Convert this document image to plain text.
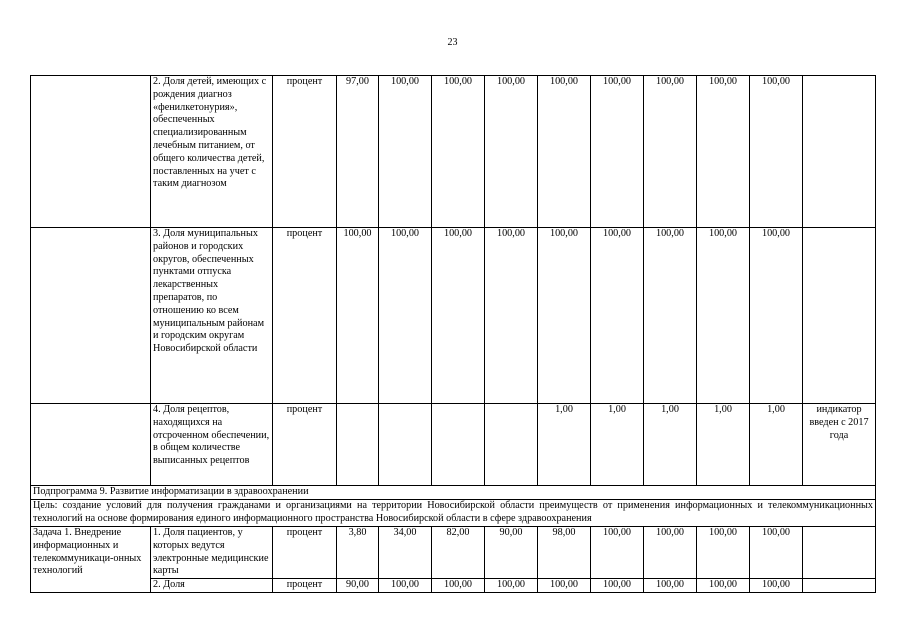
23
	2. Доля детей, имеющих с рождения диагноз «фенилкетонурия», обеспеченных специализированным лечебным питанием, от общего количества детей, поставленных на учет с таким диагнозом	процент	97,00	100,00	100,00	100,00	100,00	100,00	100,00	100,00	100,00	
	3. Доля муниципальных районов и городских округов, обеспеченных пунктами отпуска лекарственных препаратов, по отношению ко всем муниципальным районам и городским округам Новосибирской области	процент	100,00	100,00	100,00	100,00	100,00	100,00	100,00	100,00	100,00	
	4. Доля рецептов, находящихся на отсроченном обеспечении, в общем количестве выписанных рецептов	процент					1,00	1,00	1,00	1,00	1,00	индикатор введен с 2017 года
Подпрограмма 9. Развитие информатизации в здравоохранении												
Цель: создание условий для получения гражданами и организациями на территории Новосибирской области преимуществ от применения информационных и телекоммуникационных технологий на основе формирования единого информационного пространства Новосибирской области в сфере здравоохранения												
Задача 1. Внедрение информационных и телекоммуникаци-онных технологий	1. Доля пациентов, у которых ведутся электронные медицинские карты	процент	3,80	34,00	82,00	90,00	98,00	100,00	100,00	100,00	100,00	
	2. Доля	процент	90,00	100,00	100,00	100,00	100,00	100,00	100,00	100,00	100,00	
